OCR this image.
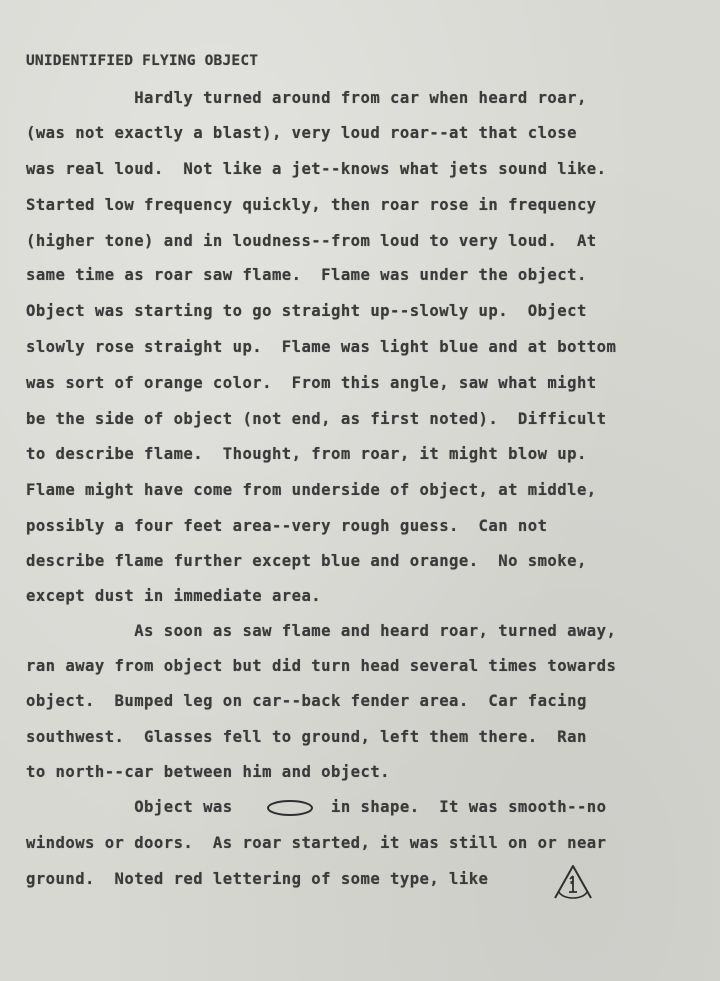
UNIDENTIFIED FLYING OBJECT
Hardly turned around from car when heard roar,
(was not exactly a blast), very loud roar--at that close
was real loud.  Not like a jet--knows what jets sound like.
Started low frequency quickly, then roar rose in frequency
(higher tone) and in loudness--from loud to very loud.  At
same time as roar saw flame.  Flame was under the object.
Object was starting to go straight up--slowly up.  Object
slowly rose straight up.  Flame was light blue and at bottom
was sort of orange color.  From this angle, saw what might
be the side of object (not end, as first noted).  Difficult
to describe flame.  Thought, from roar, it might blow up.
Flame might have come from underside of object, at middle,
possibly a four feet area--very rough guess.  Can not
describe flame further except blue and orange.  No smoke,
except dust in immediate area.
As soon as saw flame and heard roar, turned away,
ran away from object but did turn head several times towards
object.  Bumped leg on car--back fender area.  Car facing
southwest.  Glasses fell to ground, left them there.  Ran
to north--car between him and object.
Object was          in shape.  It was smooth--no
windows or doors.  As roar started, it was still on or near
ground.  Noted red lettering of some type, like        .
